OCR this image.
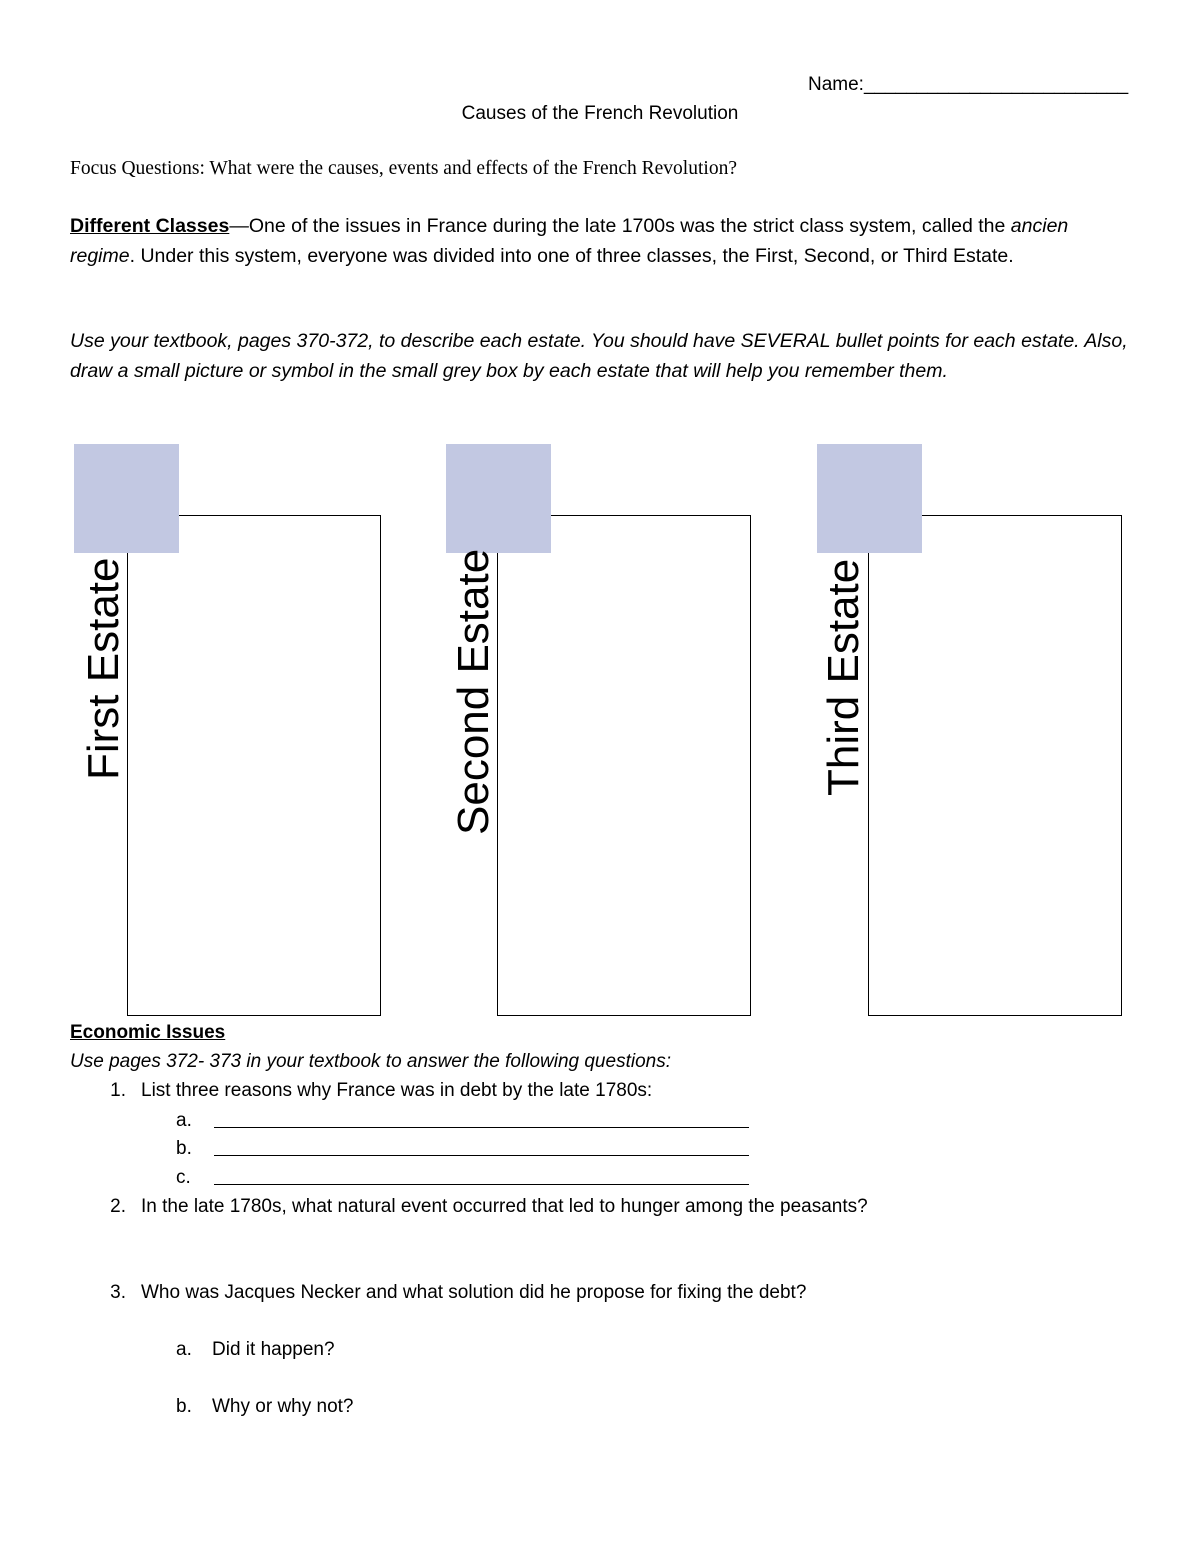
Name:_________________________
Causes of the French Revolution
Focus Questions: What were the causes, events and effects of the French Revolution?
Different Classes—One of the issues in France during the late 1700s was the strict class system, called the ancien regime. Under this system, everyone was divided into one of three classes, the First, Second, or Third Estate.
Use your textbook, pages 370-372, to describe each estate. You should have SEVERAL bullet points for each estate. Also, draw a small picture or symbol in the small grey box by each estate that will help you remember them.
First Estate	Second Estate	Third Estate
Economic Issues
Use pages 372- 373 in your textbook to answer the following questions:
1. List three reasons why France was in debt by the late 1780s:
a.
b.
c.
2. In the late 1780s, what natural event occurred that led to hunger among the peasants?
3. Who was Jacques Necker and what solution did he propose for fixing the debt?
a. Did it happen?
b. Why or why not?
